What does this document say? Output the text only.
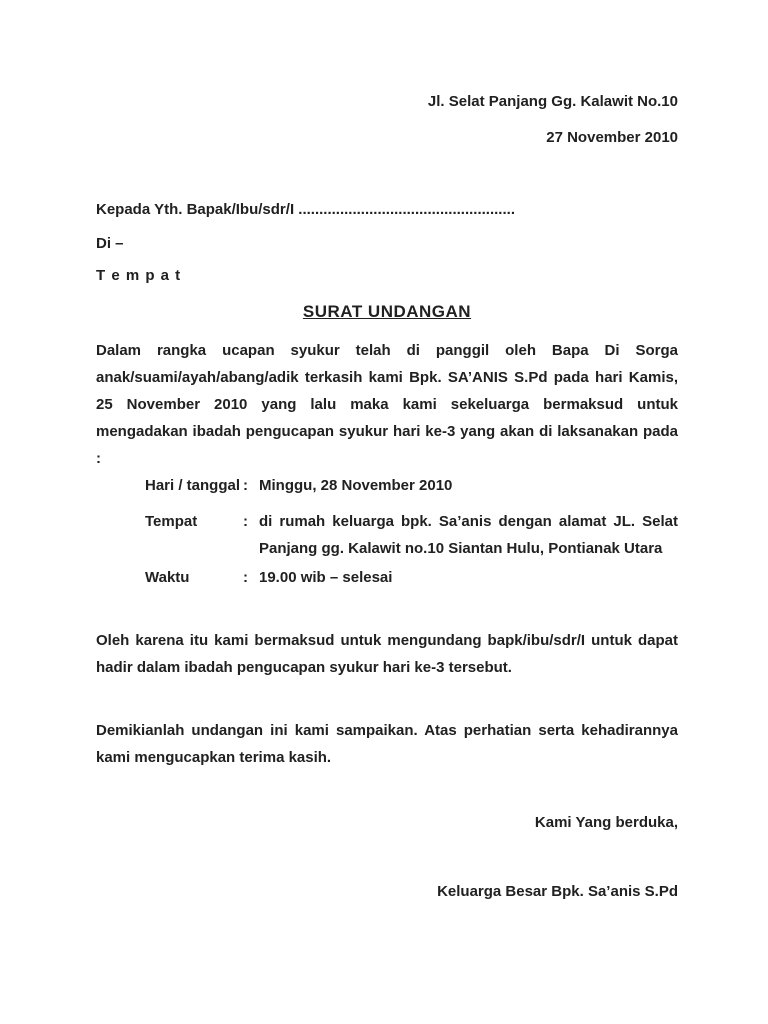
Jl. Selat Panjang Gg. Kalawit No.10

27 November 2010

Kepada Yth. Bapak/Ibu/sdr/I ....................................................

Di –

T e m p a t

SURAT UNDANGAN

Dalam rangka ucapan syukur telah di panggil oleh Bapa Di Sorga anak/suami/ayah/abang/adik terkasih kami Bpk. SA’ANIS S.Pd pada hari Kamis, 25 November 2010 yang lalu maka kami sekeluarga bermaksud untuk mengadakan ibadah pengucapan syukur hari ke-3 yang akan di laksanakan pada :

Hari / tanggal : Minggu, 28 November 2010
Tempat	: di rumah keluarga bpk. Sa’anis dengan alamat JL. Selat Panjang gg. Kalawit no.10 Siantan Hulu, Pontianak Utara
Waktu	: 19.00 wib – selesai

Oleh karena itu kami bermaksud untuk mengundang bapk/ibu/sdr/I untuk dapat hadir dalam ibadah pengucapan syukur hari ke-3 tersebut.

Demikianlah undangan ini kami sampaikan. Atas perhatian serta kehadirannya kami mengucapkan terima kasih.

Kami Yang berduka,

Keluarga Besar Bpk. Sa’anis S.Pd
